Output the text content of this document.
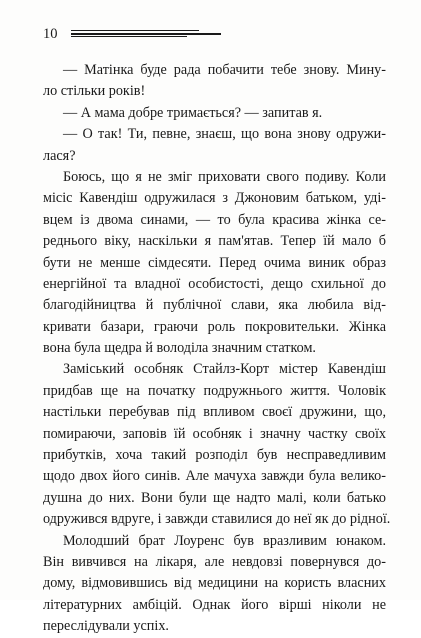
10
— Матінка буде рада побачити тебе знову. Мину-
ло стільки років!
— А мама добре тримається? — запитав я.
— О так! Ти, певне, знаєш, що вона знову одружи-
лася?
Боюсь, що я не зміг приховати свого подиву. Коли
місіс Кавендіш одружилася з Джоновим батьком, уді-
вцем із двома синами, — то була красива жінка се-
реднього віку, наскільки я пам'ятав. Тепер їй мало б
бути не менше сімдесяти. Перед очима виник образ
енергійної та владної особистості, дещо схильної до
благодійництва й публічної слави, яка любила від-
кривати базари, граючи роль покровительки. Жінка
вона була щедра й володіла значним статком.
Заміський особняк Стайлз-Корт містер Кавендіш
придбав ще на початку подружнього життя. Чоловік
настільки перебував під впливом своєї дружини, що,
помираючи, заповів їй особняк і значну частку своїх
прибутків, хоча такий розподіл був несправедливим
щодо двох його синів. Але мачуха завжди була велико-
душна до них. Вони були ще надто малі, коли батько
одружився вдруге, і завжди ставилися до неї як до рідної.
Молодший брат Лоуренс був вразливим юнаком.
Він вивчився на лікаря, але невдовзі повернувся до-
дому, відмовившись від медицини на користь власних
літературних амбіцій. Однак його вірші ніколи не
переслідували успіх.
